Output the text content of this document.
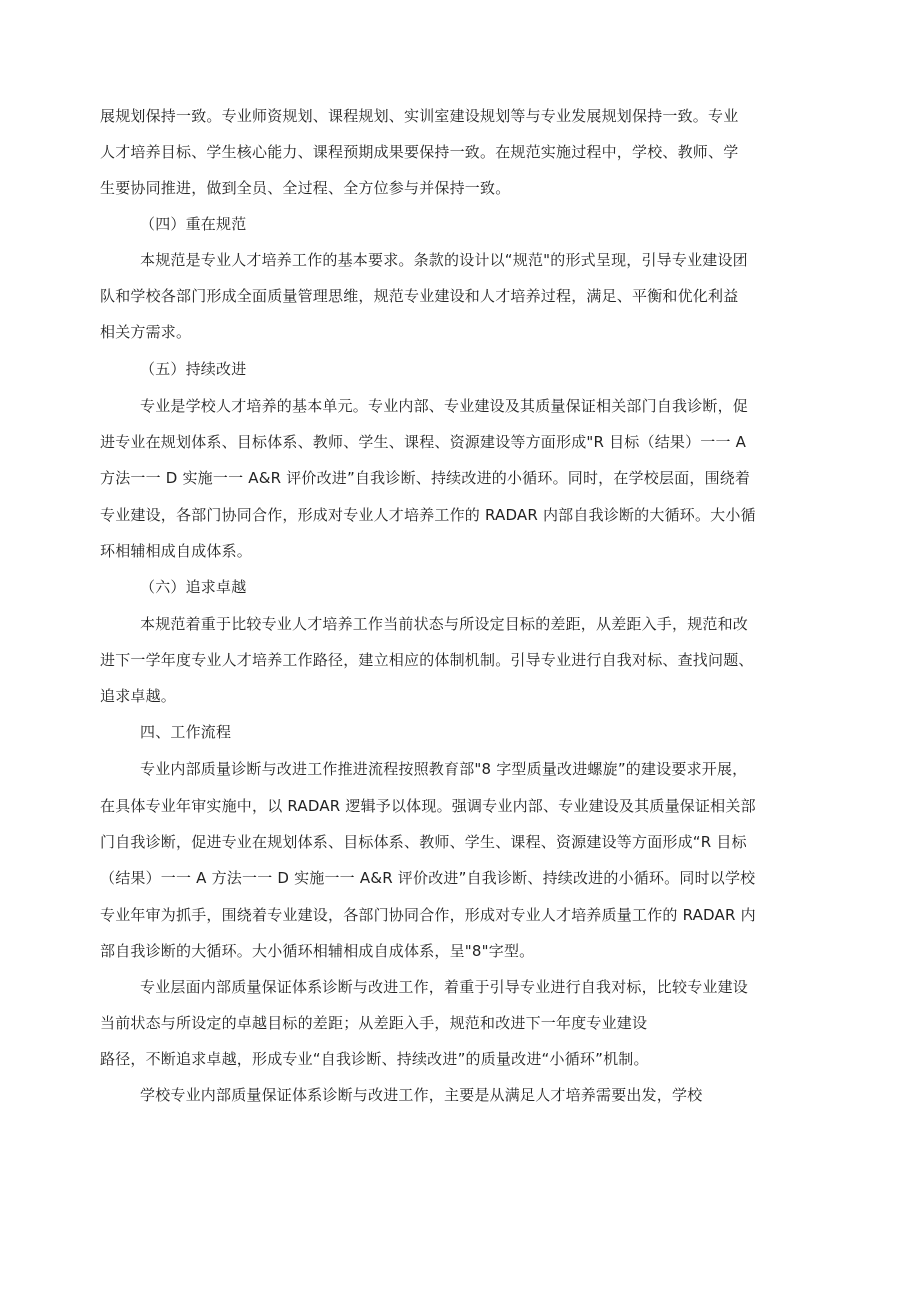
展规划保持一致。专业师资规划、课程规划、实训室建设规划等与专业发展规划保持一致。专业
人才培养目标、学生核心能力、课程预期成果要保持一致。在规范实施过程中，学校、教师、学
生要协同推进，做到全员、全过程、全方位参与并保持一致。
（四）重在规范
本规范是专业人才培养工作的基本要求。条款的设计以“规范"的形式呈现，引导专业建设团
队和学校各部门形成全面质量管理思维，规范专业建设和人才培养过程，满足、平衡和优化利益
相关方需求。
（五）持续改进
专业是学校人才培养的基本单元。专业内部、专业建设及其质量保证相关部门自我诊断，促
进专业在规划体系、目标体系、教师、学生、课程、资源建设等方面形成"R 目标（结果）一一 A
方法一一 D 实施一一 A&R 评价改进”自我诊断、持续改进的小循环。同时，在学校层面，围绕着
专业建设，各部门协同合作，形成对专业人才培养工作的 RADAR 内部自我诊断的大循环。大小循
环相辅相成自成体系。
（六）追求卓越
本规范着重于比较专业人才培养工作当前状态与所设定目标的差距，从差距入手，规范和改
进下一学年度专业人才培养工作路径，建立相应的体制机制。引导专业进行自我对标、查找问题、
追求卓越。
四、工作流程
专业内部质量诊断与改进工作推进流程按照教育部"8 字型质量改进螺旋”的建设要求开展，
在具体专业年审实施中，以 RADAR 逻辑予以体现。强调专业内部、专业建设及其质量保证相关部
门自我诊断，促进专业在规划体系、目标体系、教师、学生、课程、资源建设等方面形成“R 目标
（结果）一一 A 方法一一 D 实施一一 A&R 评价改进”自我诊断、持续改进的小循环。同时以学校
专业年审为抓手，围绕着专业建设，各部门协同合作，形成对专业人才培养质量工作的 RADAR 内
部自我诊断的大循环。大小循环相辅相成自成体系，呈"8"字型。
专业层面内部质量保证体系诊断与改进工作，着重于引导专业进行自我对标，比较专业建设
当前状态与所设定的卓越目标的差距；从差距入手，规范和改进下一年度专业建设
路径，不断追求卓越，形成专业“自我诊断、持续改进”的质量改进“小循环”机制。
学校专业内部质量保证体系诊断与改进工作，主要是从满足人才培养需要出发，学校
